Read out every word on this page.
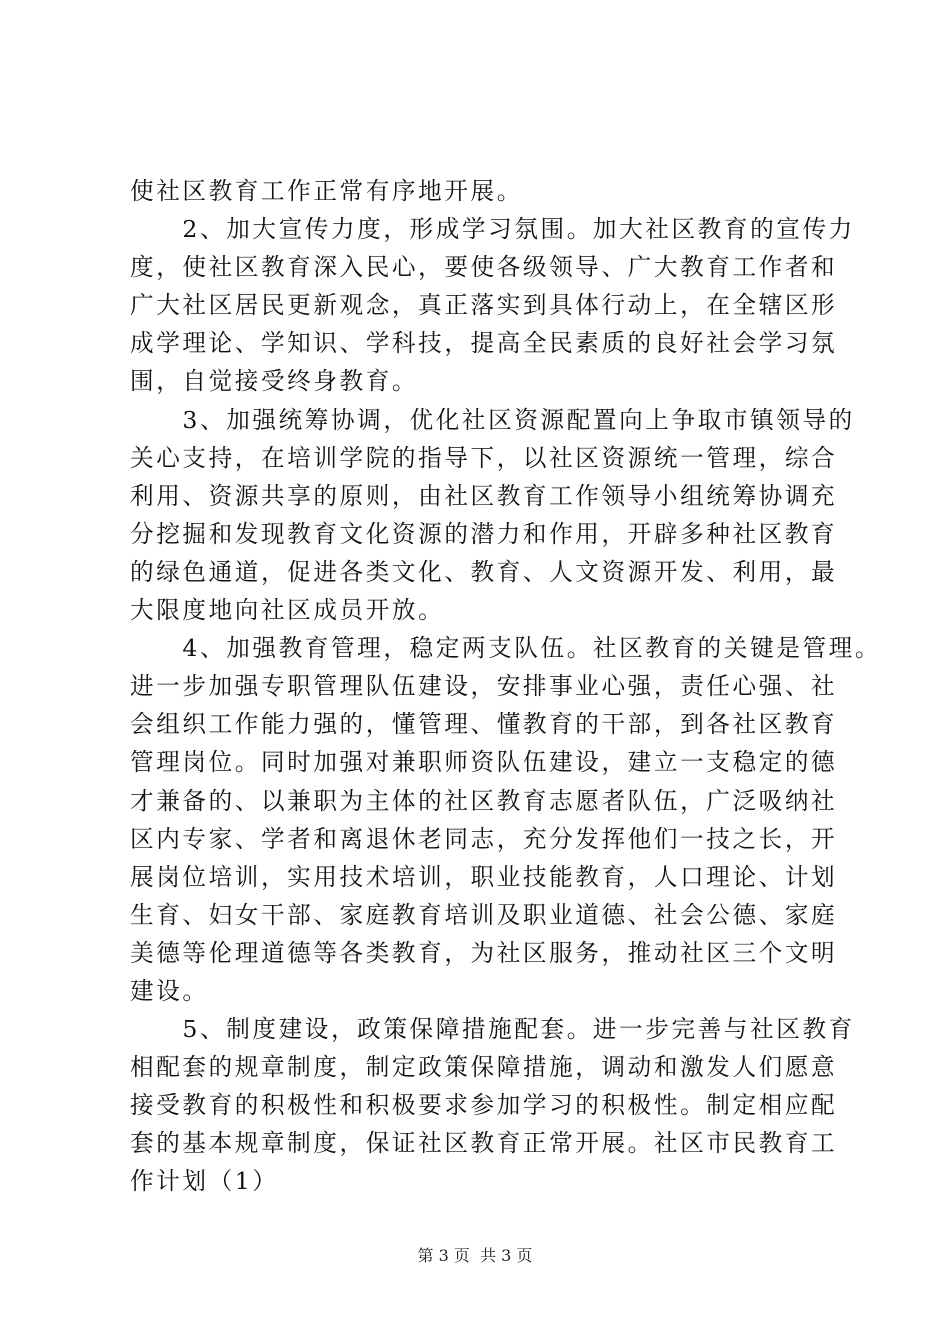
使社区教育工作正常有序地开展。
　　2、加大宣传力度，形成学习氛围。加大社区教育的宣传力
度，使社区教育深入民心，要使各级领导、广大教育工作者和
广大社区居民更新观念，真正落实到具体行动上，在全辖区形
成学理论、学知识、学科技，提高全民素质的良好社会学习氛
围，自觉接受终身教育。
　　3、加强统筹协调，优化社区资源配置向上争取市镇领导的
关心支持，在培训学院的指导下，以社区资源统一管理，综合
利用、资源共享的原则，由社区教育工作领导小组统筹协调充
分挖掘和发现教育文化资源的潜力和作用，开辟多种社区教育
的绿色通道，促进各类文化、教育、人文资源开发、利用，最
大限度地向社区成员开放。
　　4、加强教育管理，稳定两支队伍。社区教育的关键是管理。
进一步加强专职管理队伍建设，安排事业心强，责任心强、社
会组织工作能力强的，懂管理、懂教育的干部，到各社区教育
管理岗位。同时加强对兼职师资队伍建设，建立一支稳定的德
才兼备的、以兼职为主体的社区教育志愿者队伍，广泛吸纳社
区内专家、学者和离退休老同志，充分发挥他们一技之长，开
展岗位培训，实用技术培训，职业技能教育，人口理论、计划
生育、妇女干部、家庭教育培训及职业道德、社会公德、家庭
美德等伦理道德等各类教育，为社区服务，推动社区三个文明
建设。
　　5、制度建设，政策保障措施配套。进一步完善与社区教育
相配套的规章制度，制定政策保障措施，调动和激发人们愿意
接受教育的积极性和积极要求参加学习的积极性。制定相应配
套的基本规章制度，保证社区教育正常开展。社区市民教育工
作计划（1）
第 3 页  共 3 页
